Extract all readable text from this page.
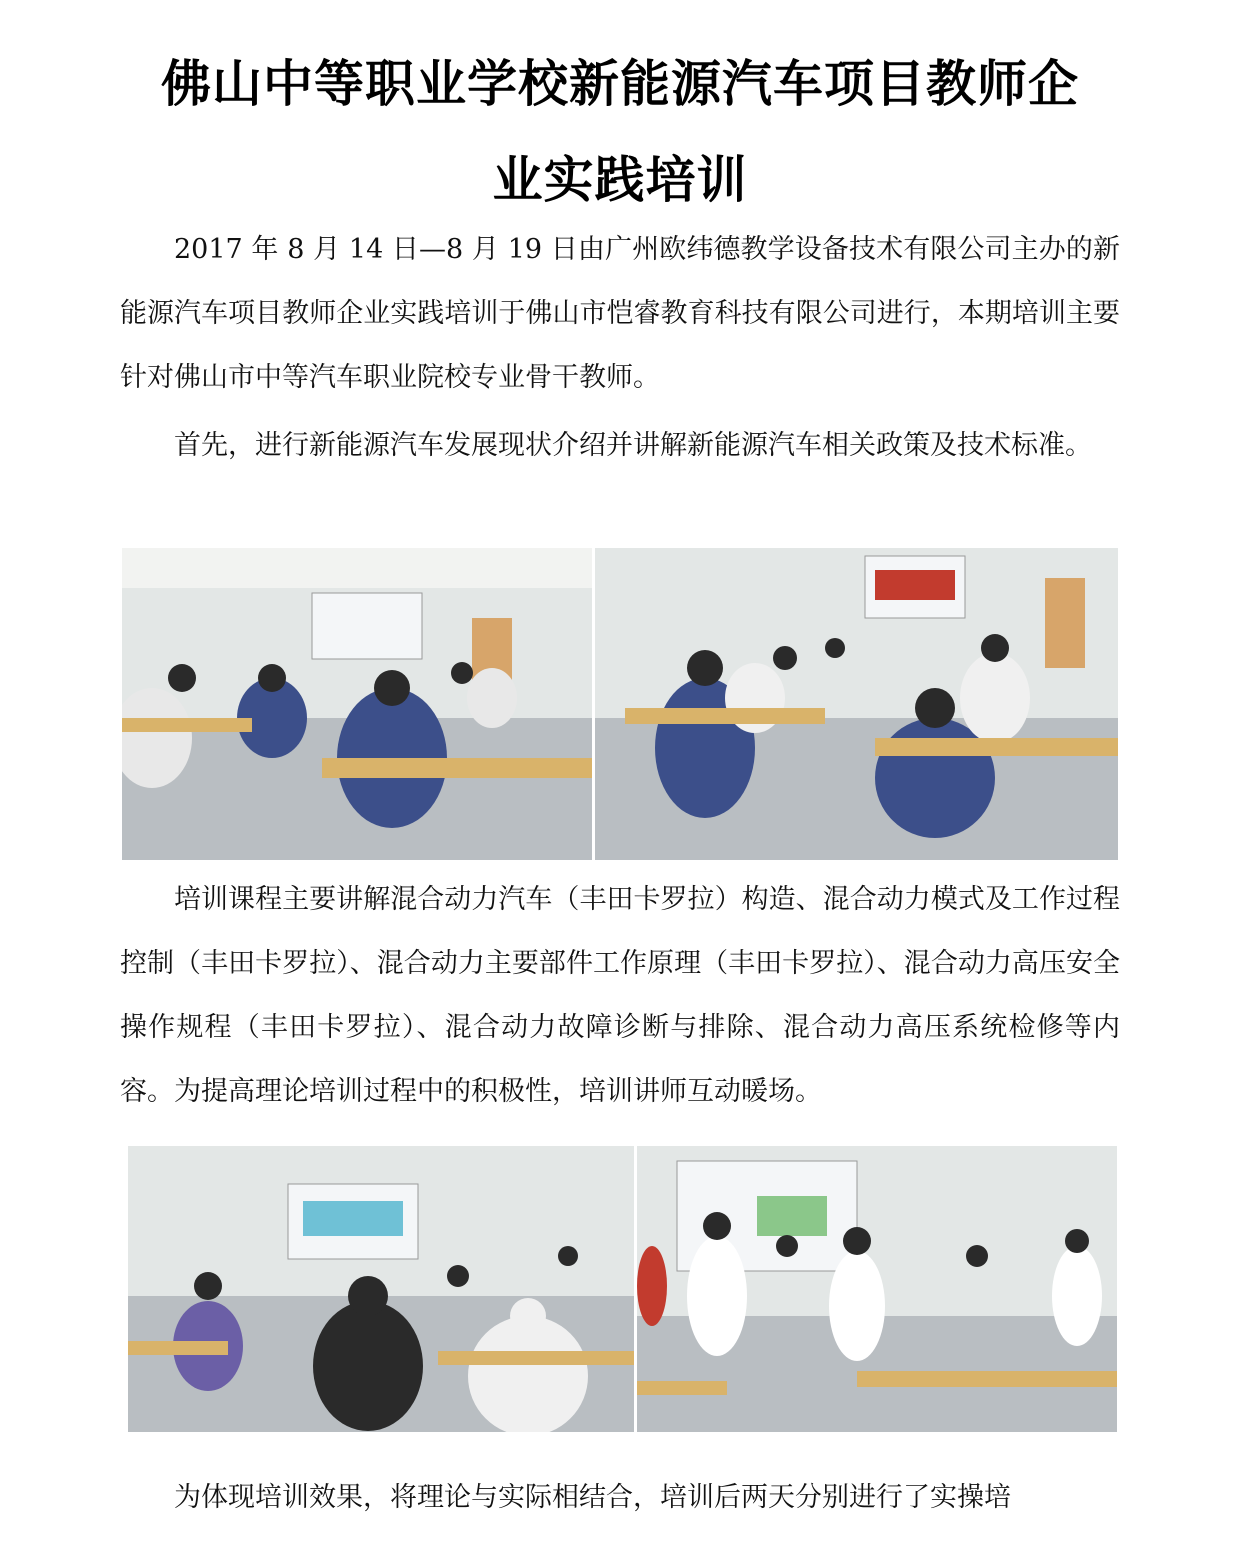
佛山中等职业学校新能源汽车项目教师企
业实践培训

2017 年 8 月 14 日—8 月 19 日由广州欧纬德教学设备技术有限公司主办的新能源汽车项目教师企业实践培训于佛山市恺睿教育科技有限公司进行，本期培训主要针对佛山市中等汽车职业院校专业骨干教师。

首先，进行新能源汽车发展现状介绍并讲解新能源汽车相关政策及技术标准。

培训课程主要讲解混合动力汽车（丰田卡罗拉）构造、混合动力模式及工作过程控制（丰田卡罗拉）、混合动力主要部件工作原理（丰田卡罗拉）、混合动力高压安全操作规程（丰田卡罗拉）、混合动力故障诊断与排除、混合动力高压系统检修等内容。为提高理论培训过程中的积极性，培训讲师互动暖场。

为体现培训效果，将理论与实际相结合，培训后两天分别进行了实操培
